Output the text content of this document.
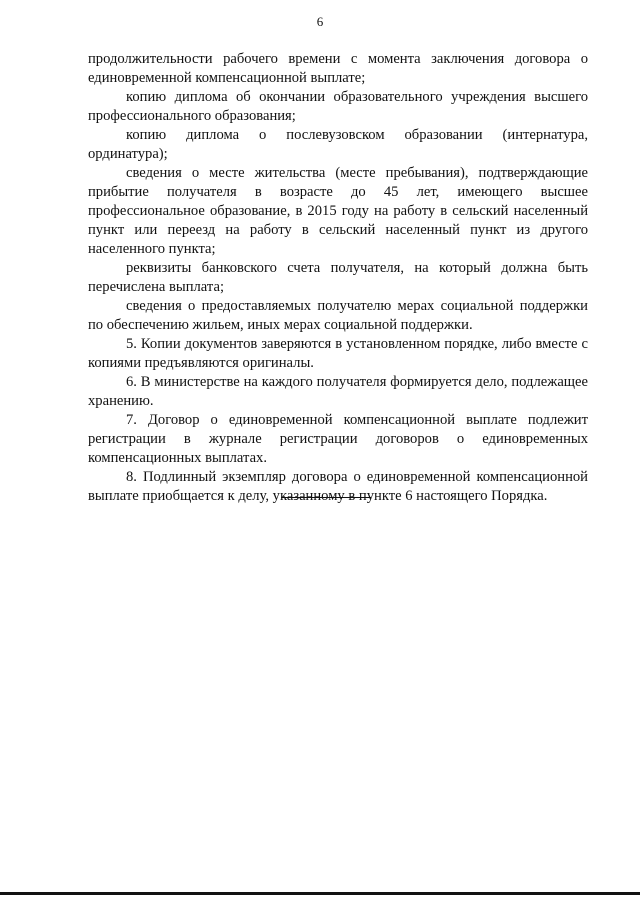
6

продолжительности рабочего времени с момента заключения договора о единовременной компенсационной выплате;

копию диплома об окончании образовательного учреждения высшего профессионального образования;

копию диплома о послевузовском образовании (интернатура, ординатура);

сведения о месте жительства (месте пребывания), подтверждающие прибытие получателя в возрасте до 45 лет, имеющего высшее профессиональное образование, в 2015 году на работу в сельский населенный пункт или переезд на работу в сельский населенный пункт из другого населенного пункта;

реквизиты банковского счета получателя, на который должна быть перечислена выплата;

сведения о предоставляемых получателю мерах социальной поддержки по обеспечению жильем, иных мерах социальной поддержки.

5. Копии документов заверяются в установленном порядке, либо вместе с копиями предъявляются оригиналы.

6. В министерстве на каждого получателя формируется дело, подлежащее хранению.

7. Договор о единовременной компенсационной выплате подлежит регистрации в журнале регистрации договоров о единовременных компенсационных выплатах.

8. Подлинный экземпляр договора о единовременной компенсационной выплате приобщается к делу, указанному в пункте 6 настоящего Порядка.
